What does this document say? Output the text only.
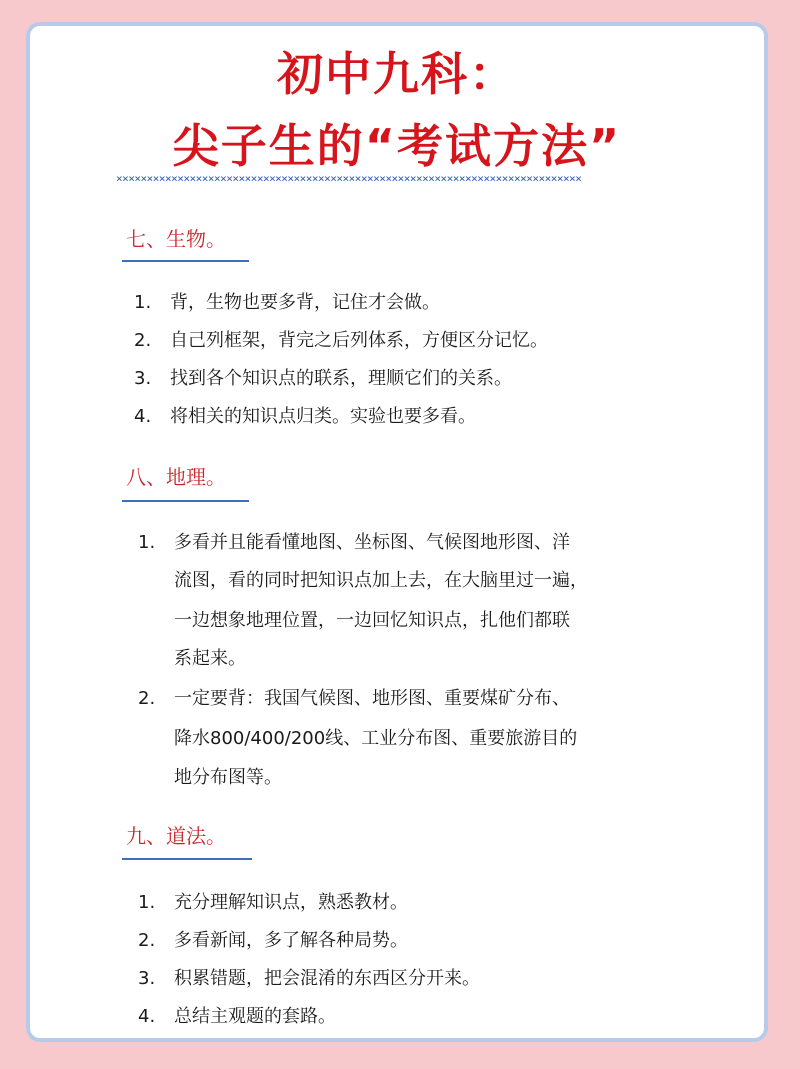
初中九科：
尖子生的“考试方法”
××××××××××××××××××××××××××××××××××××××××××××××××××××××××××××××××××××××××××××
七、生物。
1. 背，生物也要多背，记住才会做。
2. 自己列框架，背完之后列体系，方便区分记忆。
3. 找到各个知识点的联系，理顺它们的关系。
4. 将相关的知识点归类。实验也要多看。
八、地理。
1. 多看并且能看懂地图、坐标图、气候图地形图、洋
流图，看的同时把知识点加上去，在大脑里过一遍，
一边想象地理位置，一边回忆知识点，扎他们都联
系起来。
2. 一定要背：我国气候图、地形图、重要煤矿分布、
降水800/400/200线、工业分布图、重要旅游目的
地分布图等。
九、道法。
1. 充分理解知识点，熟悉教材。
2. 多看新闻，多了解各种局势。
3. 积累错题，把会混淆的东西区分开来。
4. 总结主观题的套路。
